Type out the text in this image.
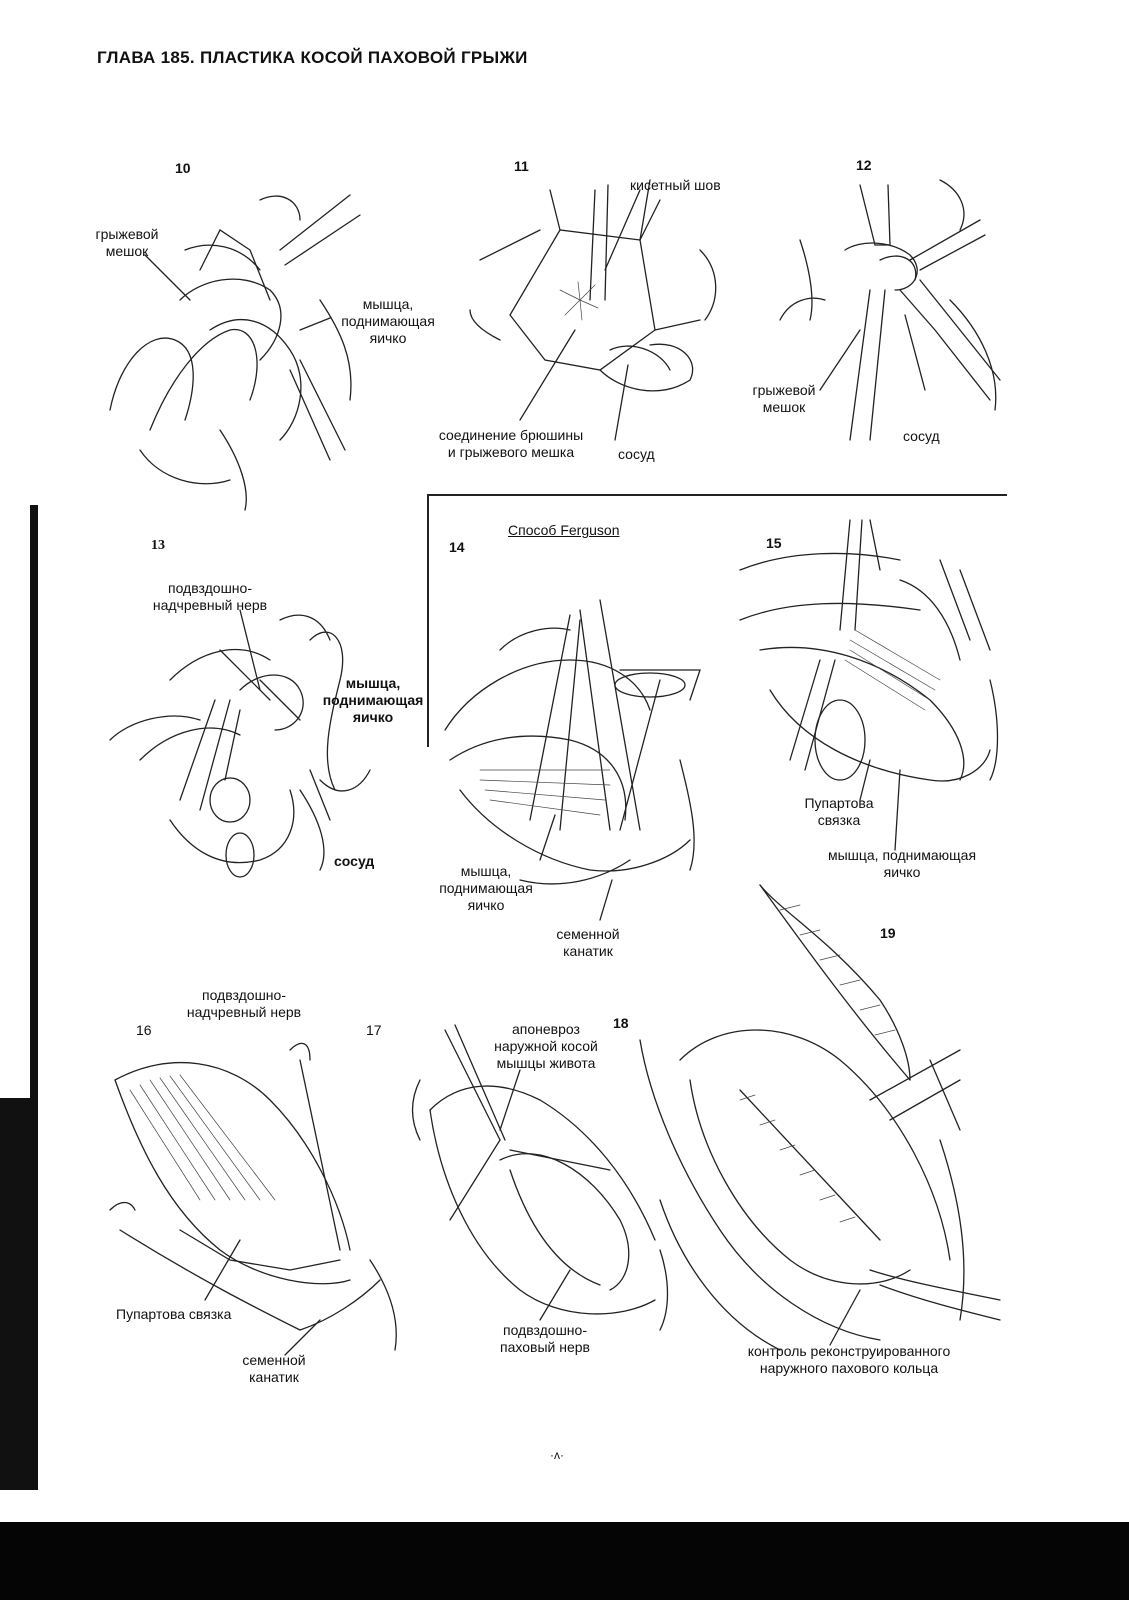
ГЛАВА 185. ПЛАСТИКА КОСОЙ ПАХОВОЙ ГРЫЖИ
Способ Ferguson
10	11	12
13	14	15
16	17	18
19
грыжевой мешок
мышца, поднимающая яичко
кисетный шов
соединение брюшины и грыжевого мешка	сосуд
грыжевой мешок
сосуд
подвздошно-надчревный нерв
мышца, поднимающая яичко
сосуд
мышца, поднимающая яичко
семенной канатик
Пупартова связка
мышца, поднимающая яичко
подвздошно-надчревный нерв
Пупартова связка
семенной канатик
апоневроз наружной косой мышцы живота
подвздошно-паховый нерв	контроль реконструированного наружного пахового кольца
·ʌ·
